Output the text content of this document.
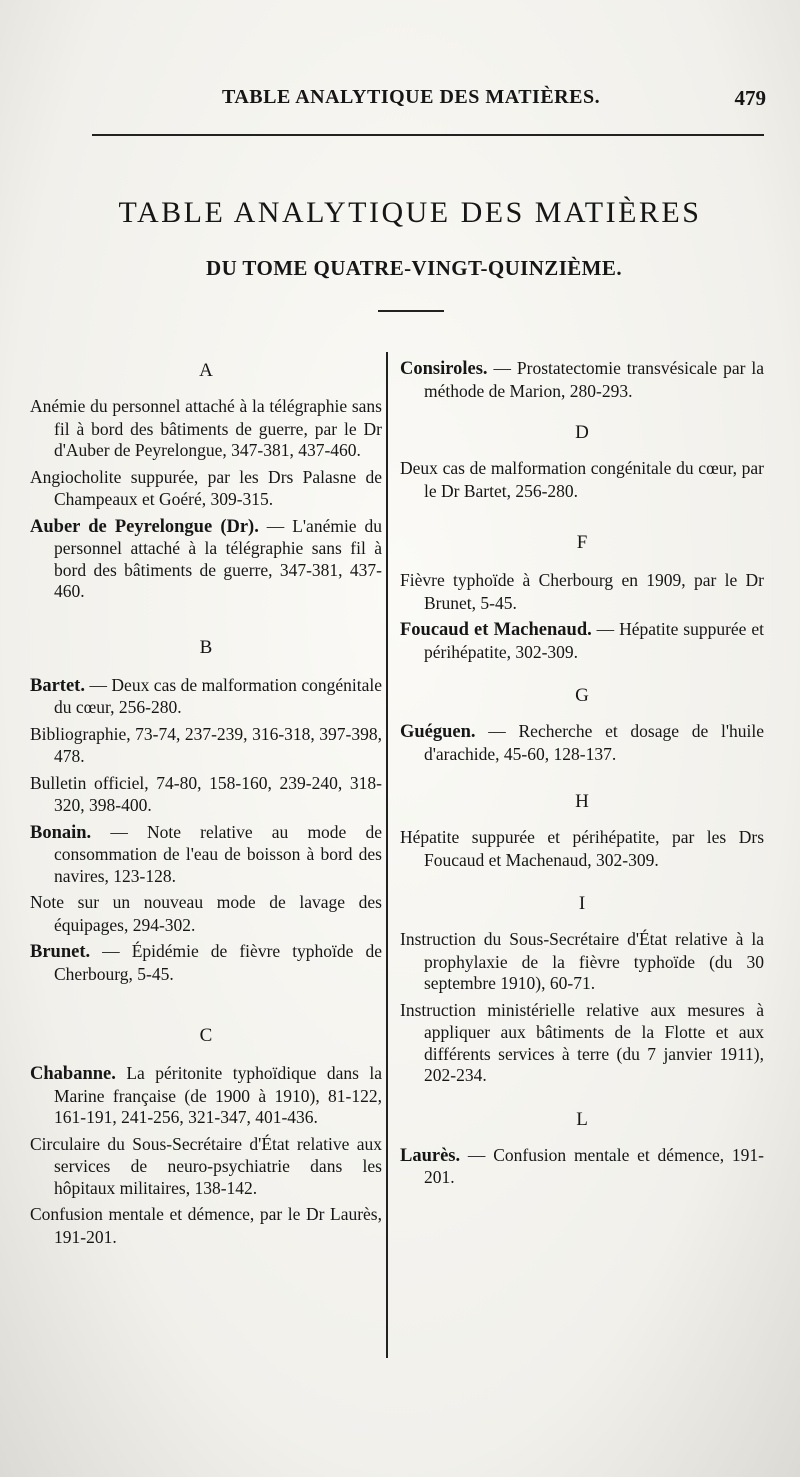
TABLE ANALYTIQUE DES MATIÈRES.	479
TABLE ANALYTIQUE DES MATIÈRES
DU TOME QUATRE-VINGT-QUINZIÈME.

A

Anémie du personnel attaché à la télégraphie sans fil à bord des bâtiments de guerre, par le Dr d'Auber de Peyrelongue, 347-381, 437-460.

Angiocholite suppurée, par les Drs Palasne de Champeaux et Goéré, 309-315.

Auber de Peyrelongue (Dr). — L'anémie du personnel attaché à la télégraphie sans fil à bord des bâtiments de guerre, 347-381, 437-460.

B

Bartet. — Deux cas de malformation congénitale du cœur, 256-280.

Bibliographie, 73-74, 237-239, 316-318, 397-398, 478.

Bulletin officiel, 74-80, 158-160, 239-240, 318-320, 398-400.

Bonain. — Note relative au mode de consommation de l'eau de boisson à bord des navires, 123-128.

Note sur un nouveau mode de lavage des équipages, 294-302.

Brunet. — Épidémie de fièvre typhoïde de Cherbourg, 5-45.

C

Chabanne. La péritonite typhoïdique dans la Marine française (de 1900 à 1910), 81-122, 161-191, 241-256, 321-347, 401-436.

Circulaire du Sous-Secrétaire d'État relative aux services de neuro-psychiatrie dans les hôpitaux militaires, 138-142.

Confusion mentale et démence, par le Dr Laurès, 191-201.

Consiroles. — Prostatectomie transvésicale par la méthode de Marion, 280-293.

D

Deux cas de malformation congénitale du cœur, par le Dr Bartet, 256-280.

F

Fièvre typhoïde à Cherbourg en 1909, par le Dr Brunet, 5-45.

Foucaud et Machenaud. — Hépatite suppurée et périhépatite, 302-309.

G

Guéguen. — Recherche et dosage de l'huile d'arachide, 45-60, 128-137.

H

Hépatite suppurée et périhépatite, par les Drs Foucaud et Machenaud, 302-309.

I

Instruction du Sous-Secrétaire d'État relative à la prophylaxie de la fièvre typhoïde (du 30 septembre 1910), 60-71.

Instruction ministérielle relative aux mesures à appliquer aux bâtiments de la Flotte et aux différents services à terre (du 7 janvier 1911), 202-234.

L

Laurès. — Confusion mentale et démence, 191-201.
